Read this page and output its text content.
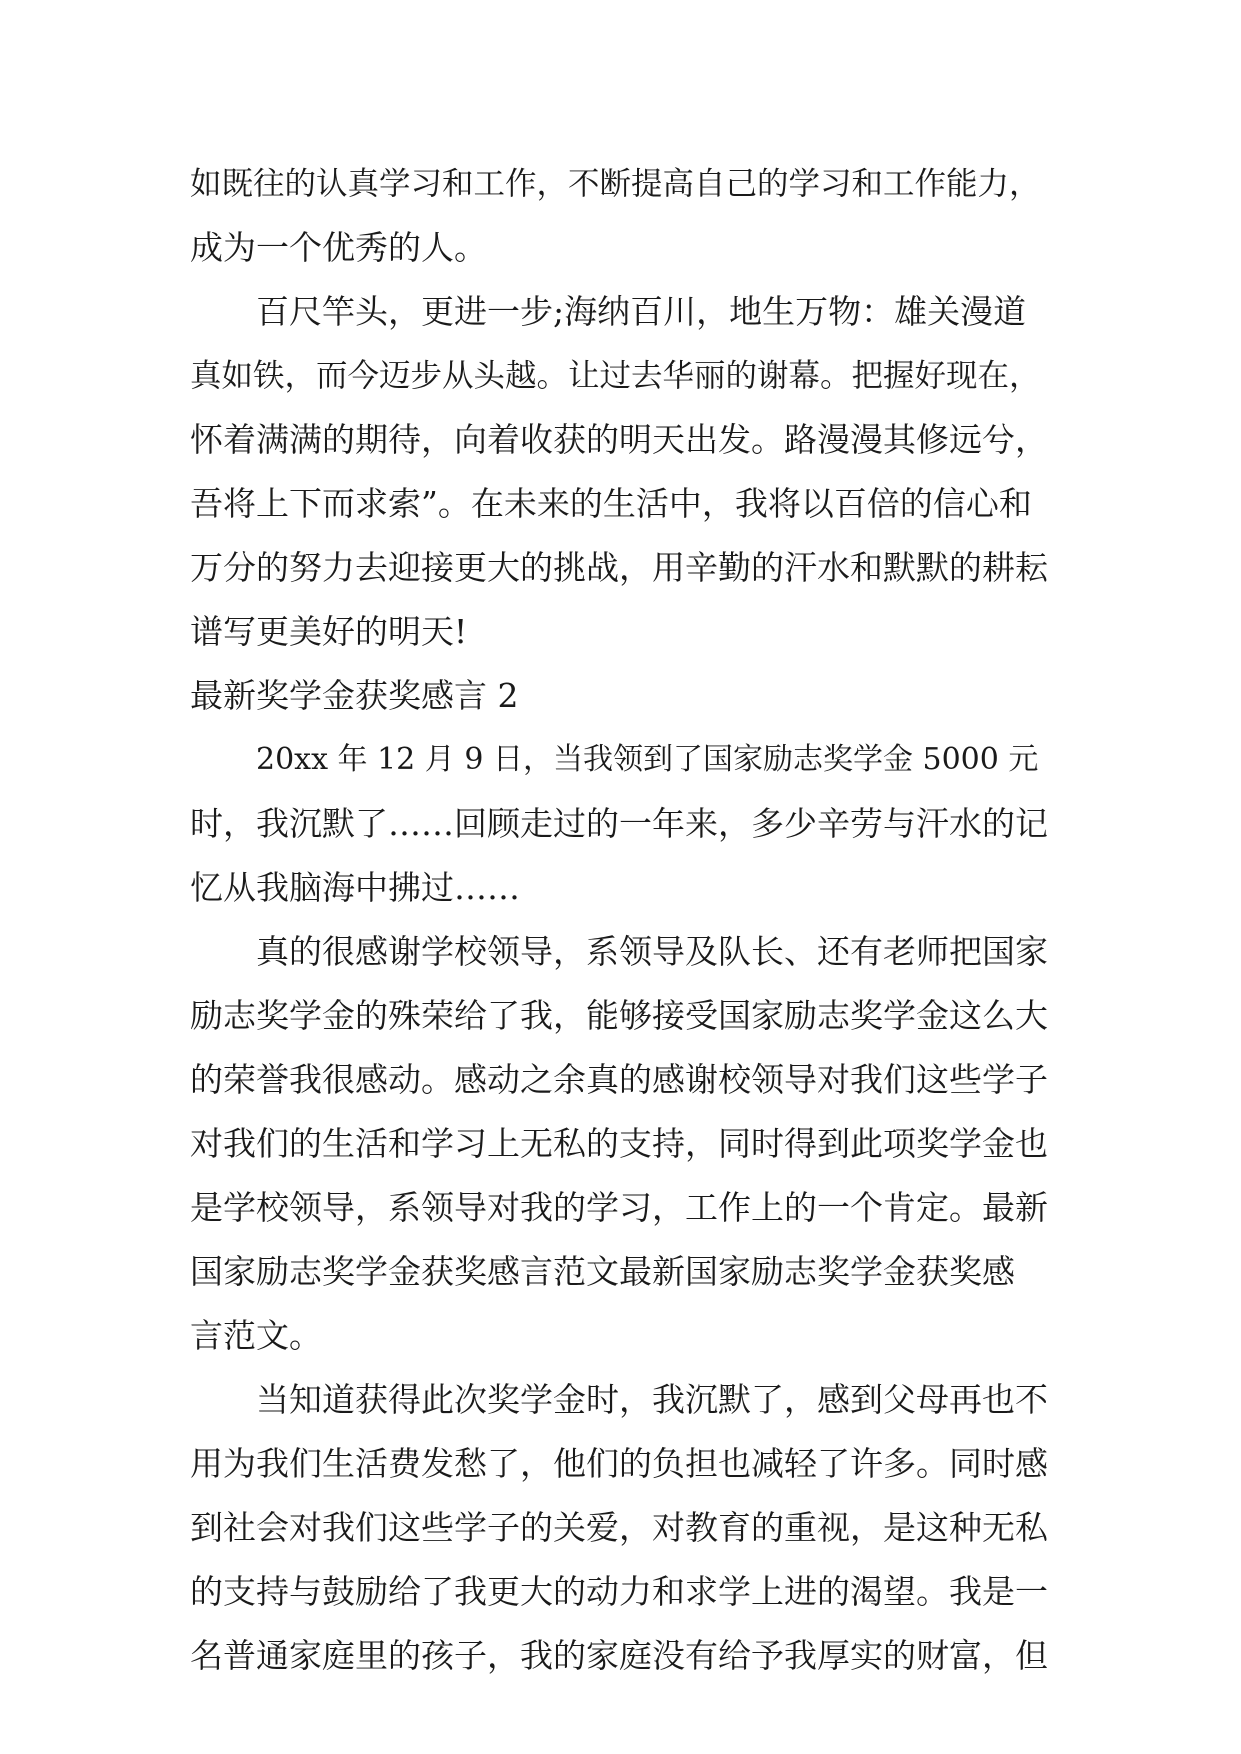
如既往的认真学习和工作，不断提高自己的学习和工作能力，
成为一个优秀的人。
百尺竿头，更进一步;海纳百川，地生万物：雄关漫道
真如铁，而今迈步从头越。让过去华丽的谢幕。把握好现在，
怀着满满的期待，向着收获的明天出发。路漫漫其修远兮，
吾将上下而求索”。在未来的生活中，我将以百倍的信心和
万分的努力去迎接更大的挑战，用辛勤的汗水和默默的耕耘
谱写更美好的明天!
最新奖学金获奖感言 2
20xx 年 12 月 9 日，当我领到了国家励志奖学金 5000 元
时，我沉默了……回顾走过的一年来，多少辛劳与汗水的记
忆从我脑海中拂过……
真的很感谢学校领导，系领导及队长、还有老师把国家
励志奖学金的殊荣给了我，能够接受国家励志奖学金这么大
的荣誉我很感动。感动之余真的感谢校领导对我们这些学子
对我们的生活和学习上无私的支持，同时得到此项奖学金也
是学校领导，系领导对我的学习，工作上的一个肯定。最新
国家励志奖学金获奖感言范文最新国家励志奖学金获奖感
言范文。
当知道获得此次奖学金时，我沉默了，感到父母再也不
用为我们生活费发愁了，他们的负担也减轻了许多。同时感
到社会对我们这些学子的关爱，对教育的重视，是这种无私
的支持与鼓励给了我更大的动力和求学上进的渴望。我是一
名普通家庭里的孩子，我的家庭没有给予我厚实的财富，但
